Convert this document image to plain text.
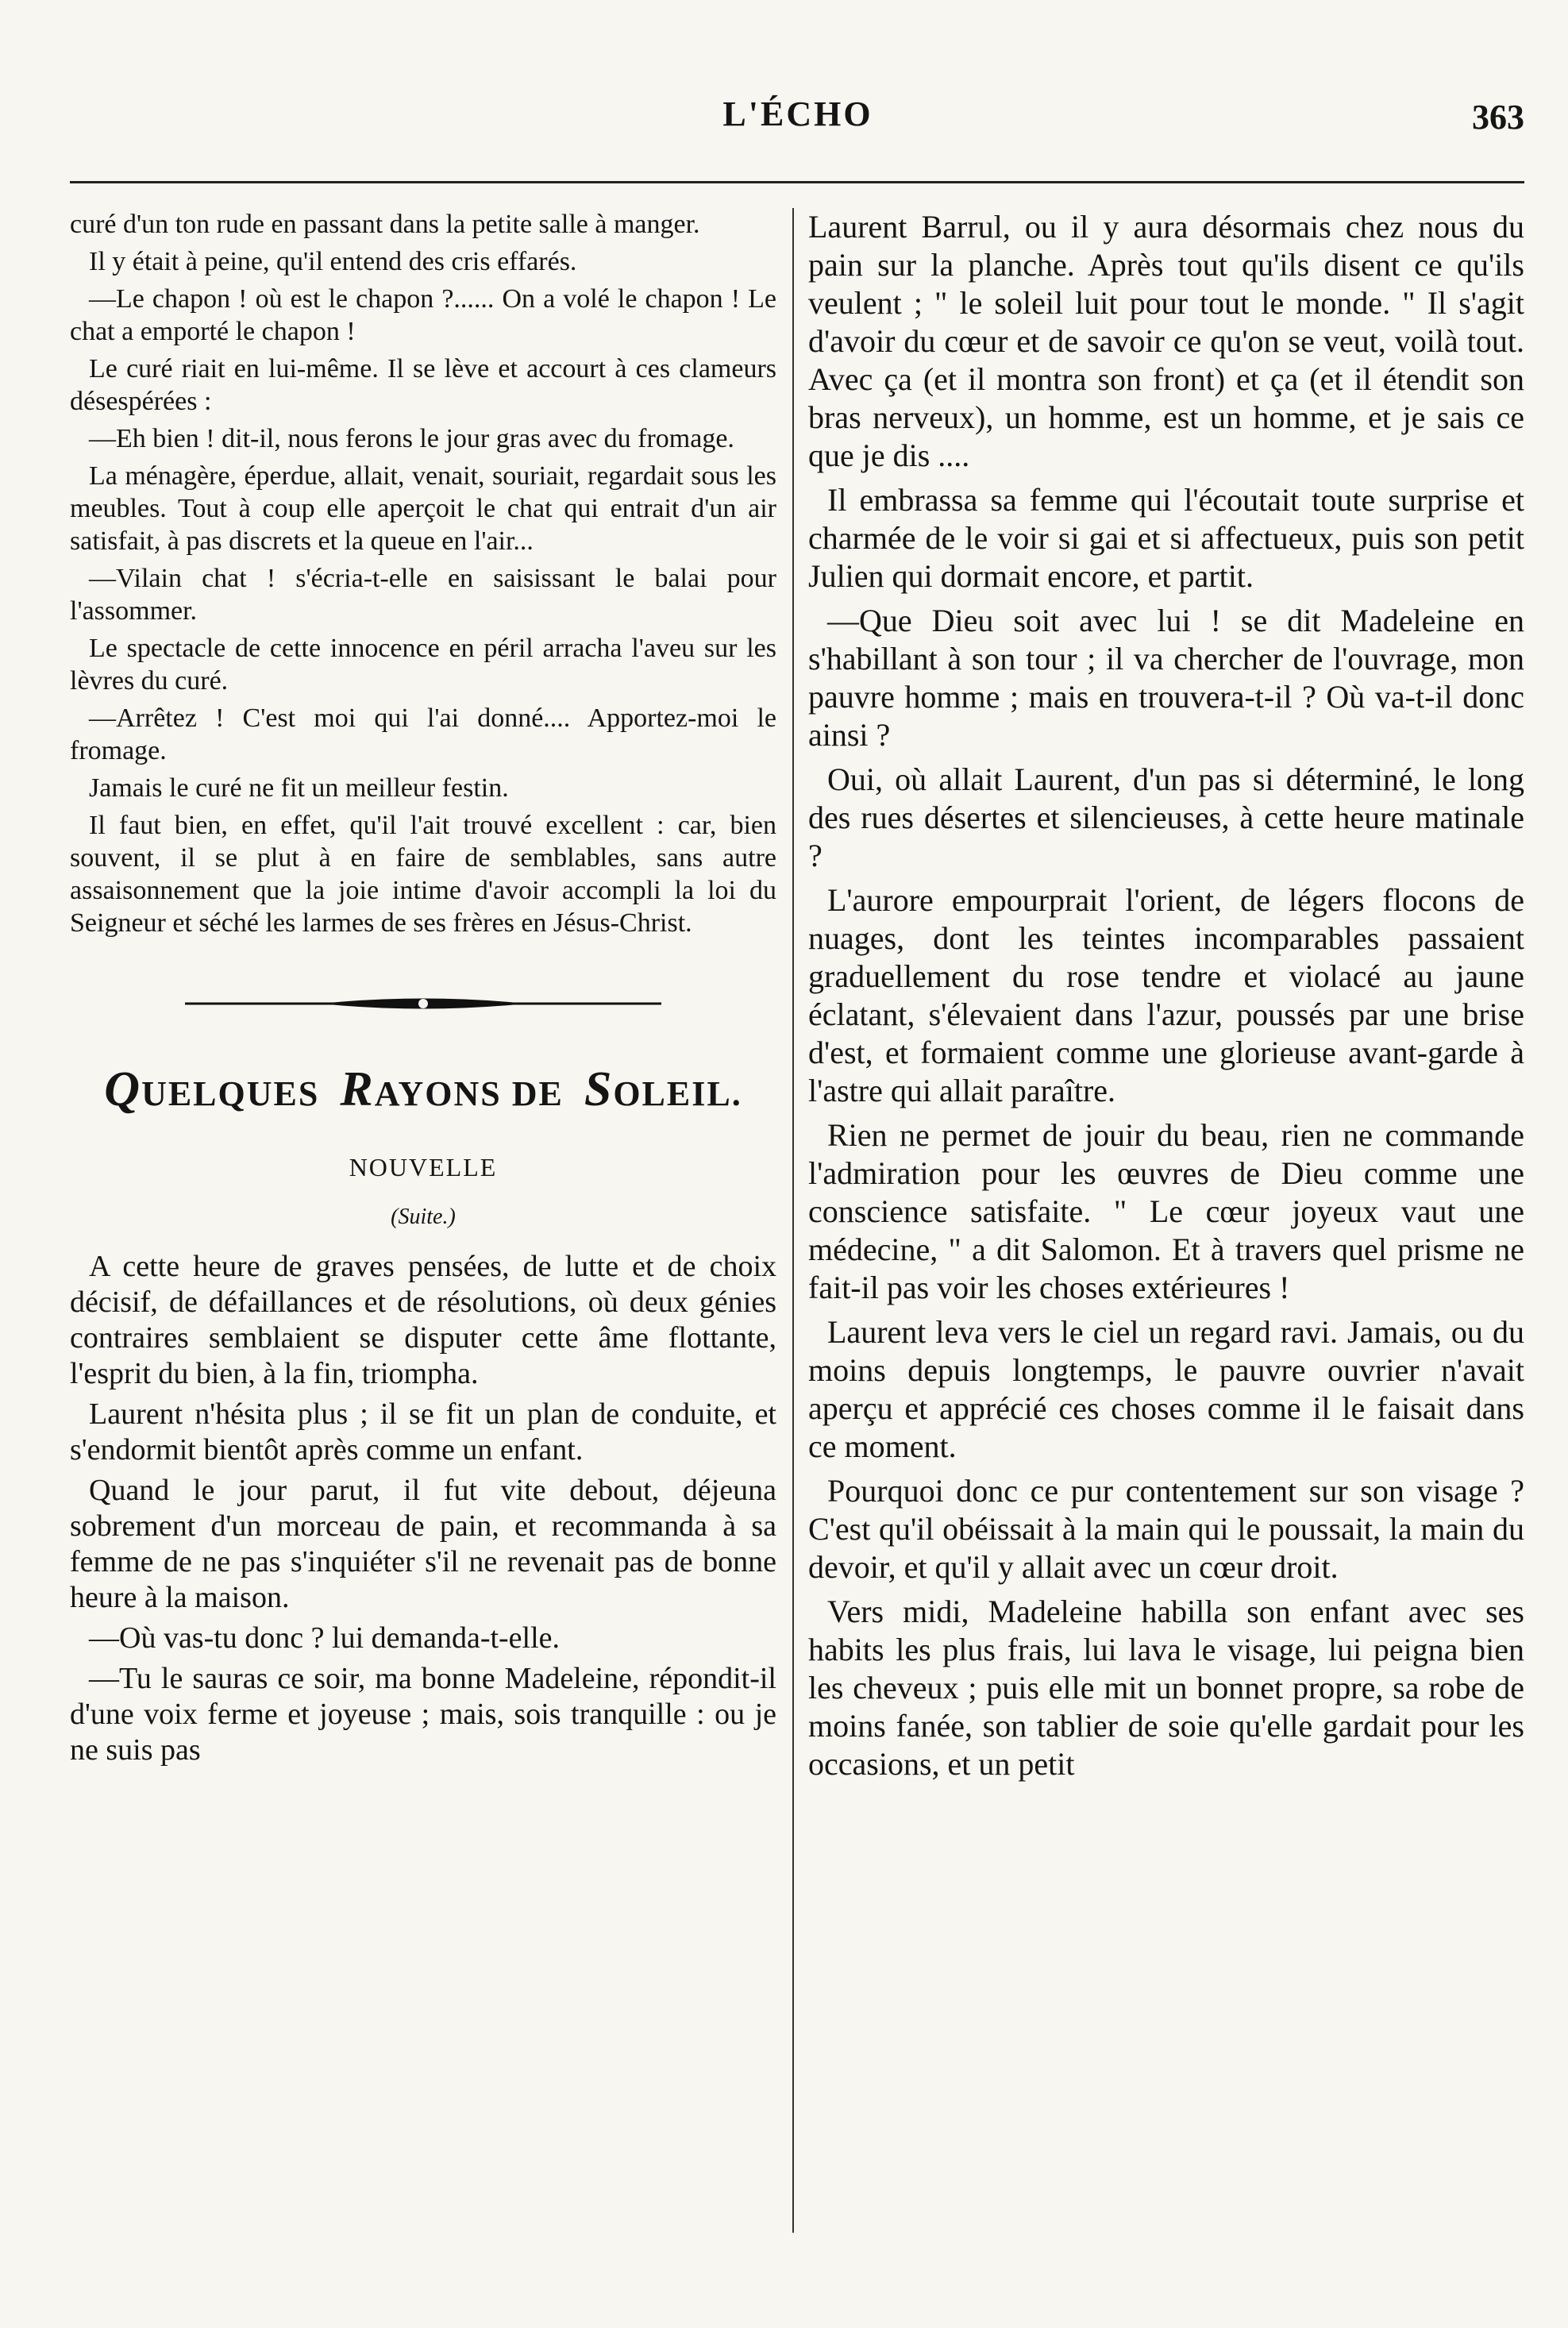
L'ÉCHO	363

curé d'un ton rude en passant dans la petite salle à manger.

Il y était à peine, qu'il entend des cris effarés.

—Le chapon ! où est le chapon ?...... On a volé le chapon ! Le chat a emporté le chapon !

Le curé riait en lui-même. Il se lève et accourt à ces clameurs désespérées :

—Eh bien ! dit-il, nous ferons le jour gras avec du fromage.

La ménagère, éperdue, allait, venait, souriait, regardait sous les meubles. Tout à coup elle aperçoit le chat qui entrait d'un air satisfait, à pas discrets et la queue en l'air...

—Vilain chat ! s'écria-t-elle en saisissant le balai pour l'assommer.

Le spectacle de cette innocence en péril arracha l'aveu sur les lèvres du curé.

—Arrêtez ! C'est moi qui l'ai donné.... Apportez-moi le fromage.

Jamais le curé ne fit un meilleur festin.

Il faut bien, en effet, qu'il l'ait trouvé excellent : car, bien souvent, il se plut à en faire de semblables, sans autre assaisonnement que la joie intime d'avoir accompli la loi du Seigneur et séché les larmes de ses frères en Jésus-Christ.

QUELQUES RAYONS DE SOLEIL.
NOUVELLE
(Suite.)

A cette heure de graves pensées, de lutte et de choix décisif, de défaillances et de résolutions, où deux génies contraires semblaient se disputer cette âme flottante, l'esprit du bien, à la fin, triompha.

Laurent n'hésita plus ; il se fit un plan de conduite, et s'endormit bientôt après comme un enfant.

Quand le jour parut, il fut vite debout, déjeuna sobrement d'un morceau de pain, et recommanda à sa femme de ne pas s'inquiéter s'il ne revenait pas de bonne heure à la maison.

—Où vas-tu donc ? lui demanda-t-elle.

—Tu le sauras ce soir, ma bonne Madeleine, répondit-il d'une voix ferme et joyeuse ; mais, sois tranquille : ou je ne suis pas

Laurent Barrul, ou il y aura désormais chez nous du pain sur la planche. Après tout qu'ils disent ce qu'ils veulent ; " le soleil luit pour tout le monde. " Il s'agit d'avoir du cœur et de savoir ce qu'on se veut, voilà tout. Avec ça (et il montra son front) et ça (et il étendit son bras nerveux), un homme, est un homme, et je sais ce que je dis ....

Il embrassa sa femme qui l'écoutait toute surprise et charmée de le voir si gai et si affectueux, puis son petit Julien qui dormait encore, et partit.

—Que Dieu soit avec lui ! se dit Madeleine en s'habillant à son tour ; il va chercher de l'ouvrage, mon pauvre homme ; mais en trouvera-t-il ? Où va-t-il donc ainsi ?

Oui, où allait Laurent, d'un pas si déterminé, le long des rues désertes et silencieuses, à cette heure matinale ?

L'aurore empourprait l'orient, de légers flocons de nuages, dont les teintes incomparables passaient graduellement du rose tendre et violacé au jaune éclatant, s'élevaient dans l'azur, poussés par une brise d'est, et formaient comme une glorieuse avant-garde à l'astre qui allait paraître.

Rien ne permet de jouir du beau, rien ne commande l'admiration pour les œuvres de Dieu comme une conscience satisfaite. " Le cœur joyeux vaut une médecine, " a dit Salomon. Et à travers quel prisme ne fait-il pas voir les choses extérieures !

Laurent leva vers le ciel un regard ravi. Jamais, ou du moins depuis longtemps, le pauvre ouvrier n'avait aperçu et apprécié ces choses comme il le faisait dans ce moment.

Pourquoi donc ce pur contentement sur son visage ? C'est qu'il obéissait à la main qui le poussait, la main du devoir, et qu'il y allait avec un cœur droit.

Vers midi, Madeleine habilla son enfant avec ses habits les plus frais, lui lava le visage, lui peigna bien les cheveux ; puis elle mit un bonnet propre, sa robe de moins fanée, son tablier de soie qu'elle gardait pour les occasions, et un petit
